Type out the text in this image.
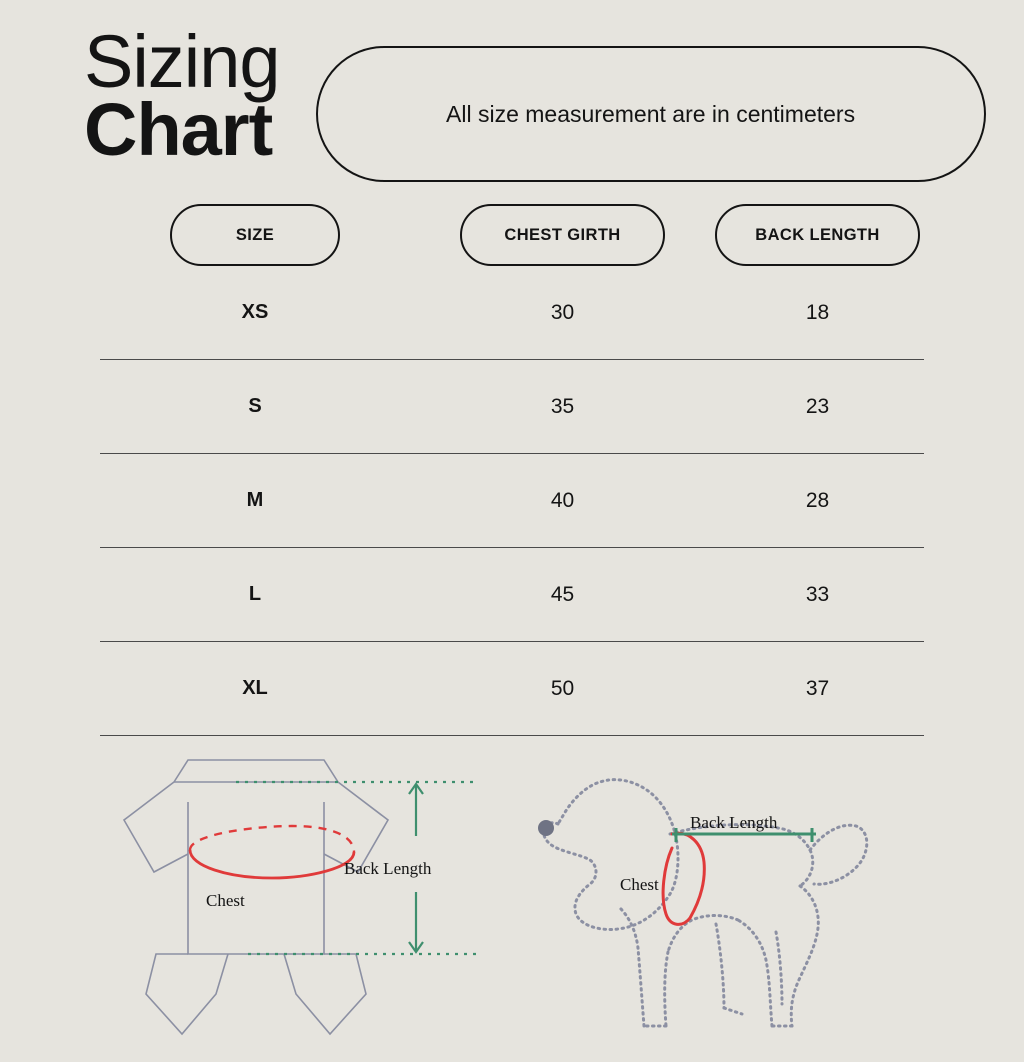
Sizing
Chart	All size measurement are in centimeters
SIZE	CHEST GIRTH	BACK LENGTH
XS	30	18
S	35	23
M	40	28
L	45	33
XL	50	37
Chest
Back Length
Back Length
Chest
